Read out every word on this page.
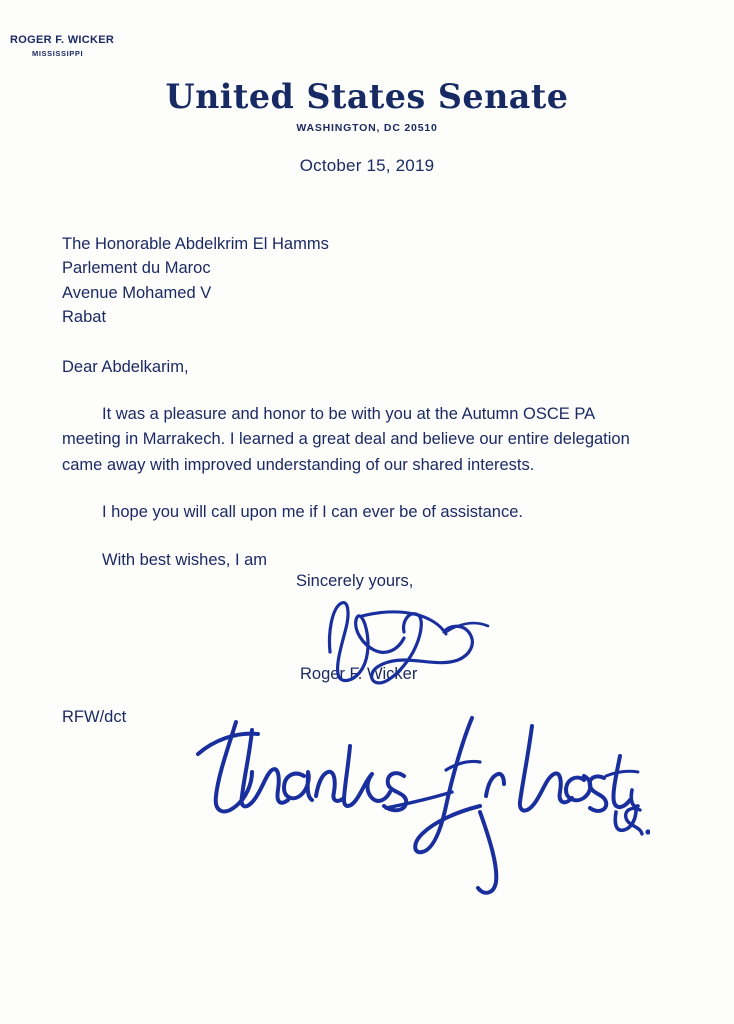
ROGER F. WICKER

MISSISSIPPI

United States Senate

WASHINGTON, DC 20510

October 15, 2019

The Honorable Abdelkrim El Hamms
Parlement du Maroc
Avenue Mohamed V
Rabat
Dear Abdelkarim,

It was a pleasure and honor to be with you at the Autumn OSCE PA meeting in Marrakech. I learned a great deal and believe our entire delegation came away with improved understanding of our shared interests.

I hope you will call upon me if I can ever be of assistance.

With best wishes, I am

Sincerely yours,
Roger F. Wicker
RFW/dct
